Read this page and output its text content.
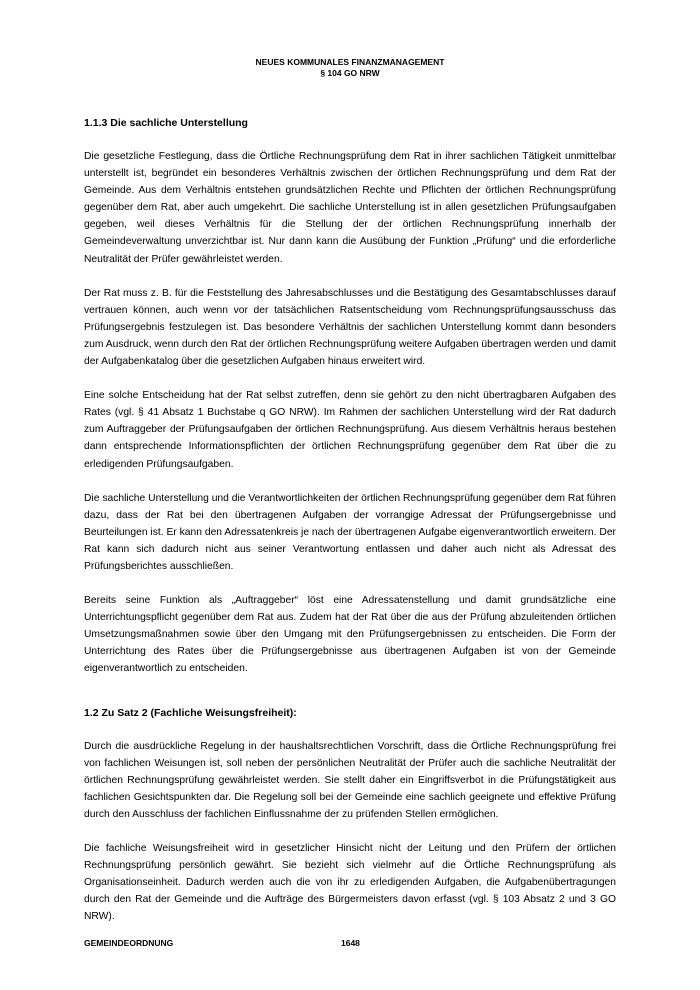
NEUES KOMMUNALES FINANZMANAGEMENT
§ 104 GO NRW
1.1.3 Die sachliche Unterstellung

Die gesetzliche Festlegung, dass die Örtliche Rechnungsprüfung dem Rat in ihrer sachlichen Tätigkeit unmittelbar unterstellt ist, begründet ein besonderes Verhältnis zwischen der örtlichen Rechnungsprüfung und dem Rat der Gemeinde. Aus dem Verhältnis entstehen grundsätzlichen Rechte und Pflichten der örtlichen Rechnungsprüfung gegenüber dem Rat, aber auch umgekehrt. Die sachliche Unterstellung ist in allen gesetzlichen Prüfungsaufgaben gegeben, weil dieses Verhältnis für die Stellung der der örtlichen Rechnungsprüfung innerhalb der Gemeindeverwaltung unverzichtbar ist. Nur dann kann die Ausübung der Funktion „Prüfung“ und die erforderliche Neutralität der Prüfer gewährleistet werden.

Der Rat muss z. B. für die Feststellung des Jahresabschlusses und die Bestätigung des Gesamtabschlusses darauf vertrauen können, auch wenn vor der tatsächlichen Ratsentscheidung vom Rechnungsprüfungsausschuss das Prüfungsergebnis festzulegen ist. Das besondere Verhältnis der sachlichen Unterstellung kommt dann besonders zum Ausdruck, wenn durch den Rat der örtlichen Rechnungsprüfung weitere Aufgaben übertragen werden und damit der Aufgabenkatalog über die gesetzlichen Aufgaben hinaus erweitert wird.

Eine solche Entscheidung hat der Rat selbst zutreffen, denn sie gehört zu den nicht übertragbaren Aufgaben des Rates (vgl. § 41 Absatz 1 Buchstabe q GO NRW). Im Rahmen der sachlichen Unterstellung wird der Rat dadurch zum Auftraggeber der Prüfungsaufgaben der örtlichen Rechnungsprüfung. Aus diesem Verhältnis heraus bestehen dann entsprechende Informationspflichten der örtlichen Rechnungsprüfung gegenüber dem Rat über die zu erledigenden Prüfungsaufgaben.

Die sachliche Unterstellung und die Verantwortlichkeiten der örtlichen Rechnungsprüfung gegenüber dem Rat führen dazu, dass der Rat bei den übertragenen Aufgaben der vorrangige Adressat der Prüfungsergebnisse und Beurteilungen ist. Er kann den Adressatenkreis je nach der übertragenen Aufgabe eigenverantwortlich erweitern. Der Rat kann sich dadurch nicht aus seiner Verantwortung entlassen und daher auch nicht als Adressat des Prüfungsberichtes ausschließen.

Bereits seine Funktion als „Auftraggeber“ löst eine Adressatenstellung und damit grundsätzliche eine Unterrichtungspflicht gegenüber dem Rat aus. Zudem hat der Rat über die aus der Prüfung abzuleitenden örtlichen Umsetzungsmaßnahmen sowie über den Umgang mit den Prüfungsergebnissen zu entscheiden. Die Form der Unterrichtung des Rates über die Prüfungsergebnisse aus übertragenen Aufgaben ist von der Gemeinde eigenverantwortlich zu entscheiden.

1.2 Zu Satz 2 (Fachliche Weisungsfreiheit):

Durch die ausdrückliche Regelung in der haushaltsrechtlichen Vorschrift, dass die Örtliche Rechnungsprüfung frei von fachlichen Weisungen ist, soll neben der persönlichen Neutralität der Prüfer auch die sachliche Neutralität der örtlichen Rechnungsprüfung gewährleistet werden. Sie stellt daher ein Eingriffsverbot in die Prüfungstätigkeit aus fachlichen Gesichtspunkten dar. Die Regelung soll bei der Gemeinde eine sachlich geeignete und effektive Prüfung durch den Ausschluss der fachlichen Einflussnahme der zu prüfenden Stellen ermöglichen.

Die fachliche Weisungsfreiheit wird in gesetzlicher Hinsicht nicht der Leitung und den Prüfern der örtlichen Rechnungsprüfung persönlich gewährt. Sie bezieht sich vielmehr auf die Örtliche Rechnungsprüfung als Organisationseinheit. Dadurch werden auch die von ihr zu erledigenden Aufgaben, die Aufgabenübertragungen durch den Rat der Gemeinde und die Aufträge des Bürgermeisters davon erfasst (vgl. § 103 Absatz 2 und 3 GO NRW).

GEMEINDEORDNUNG	1648
